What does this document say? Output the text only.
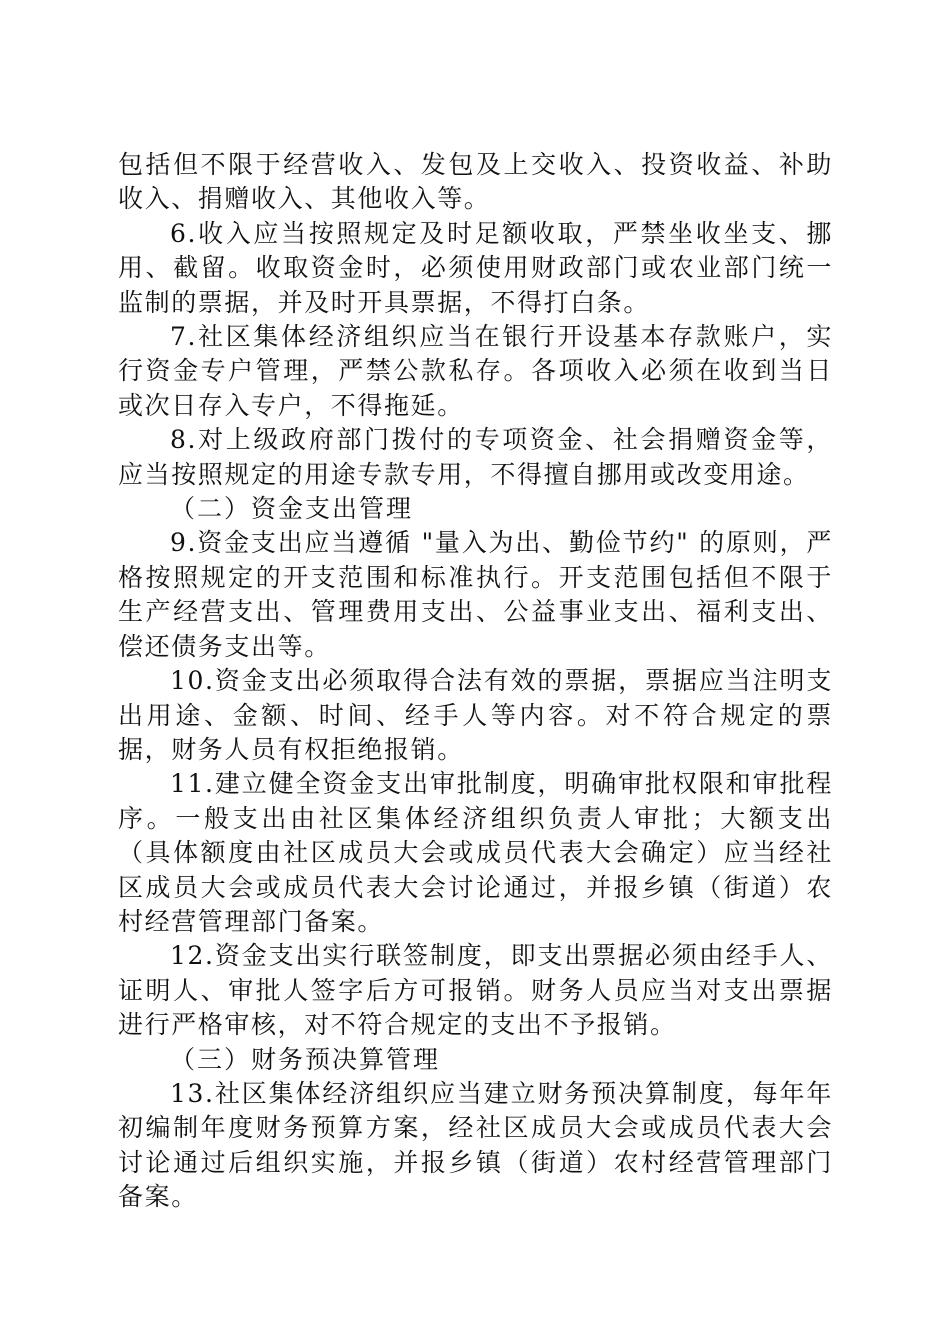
包括但不限于经营收入、发包及上交收入、投资收益、补助收入、捐赠收入、其他收入等。

6.收入应当按照规定及时足额收取，严禁坐收坐支、挪用、截留。收取资金时，必须使用财政部门或农业部门统一监制的票据，并及时开具票据，不得打白条。

7.社区集体经济组织应当在银行开设基本存款账户，实行资金专户管理，严禁公款私存。各项收入必须在收到当日或次日存入专户，不得拖延。

8.对上级政府部门拨付的专项资金、社会捐赠资金等，应当按照规定的用途专款专用，不得擅自挪用或改变用途。

（二）资金支出管理

9.资金支出应当遵循 "量入为出、勤俭节约" 的原则，严格按照规定的开支范围和标准执行。开支范围包括但不限于生产经营支出、管理费用支出、公益事业支出、福利支出、偿还债务支出等。

10.资金支出必须取得合法有效的票据，票据应当注明支出用途、金额、时间、经手人等内容。对不符合规定的票据，财务人员有权拒绝报销。

11.建立健全资金支出审批制度，明确审批权限和审批程序。一般支出由社区集体经济组织负责人审批；大额支出（具体额度由社区成员大会或成员代表大会确定）应当经社区成员大会或成员代表大会讨论通过，并报乡镇（街道）农村经营管理部门备案。

12.资金支出实行联签制度，即支出票据必须由经手人、证明人、审批人签字后方可报销。财务人员应当对支出票据进行严格审核，对不符合规定的支出不予报销。

（三）财务预决算管理

13.社区集体经济组织应当建立财务预决算制度，每年年初编制年度财务预算方案，经社区成员大会或成员代表大会讨论通过后组织实施，并报乡镇（街道）农村经营管理部门备案。
